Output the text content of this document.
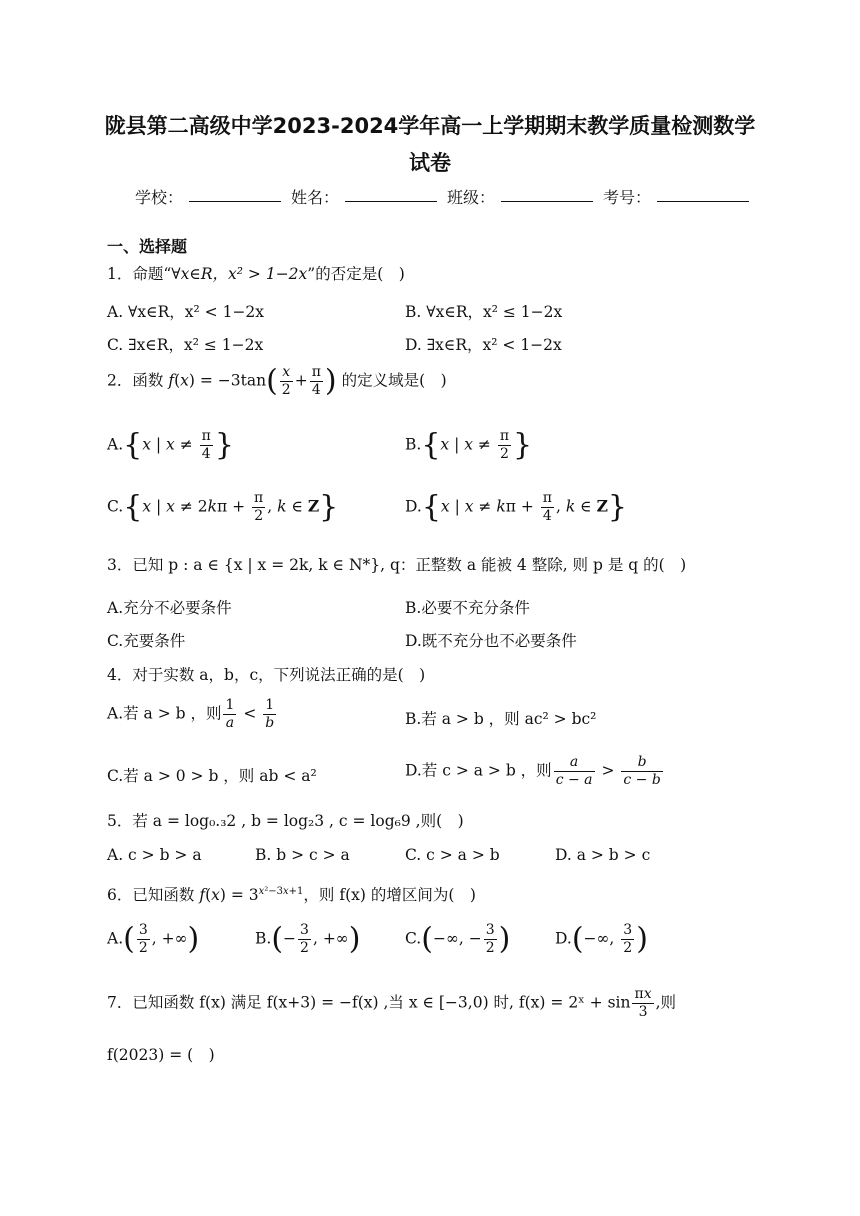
陇县第二高级中学2023-2024学年高一上学期期末教学质量检测数学
试卷
学校：	姓名：	班级：	考号：
一、选择题
1．命题“∀x∈R，x² > 1−2x”的否定是(　)
A. ∀x∈R，x² < 1−2x	B. ∀x∈R，x² ≤ 1−2x
C. ∃x∈R，x² ≤ 1−2x	D. ∃x∈R，x² < 1−2x
2．函数 $f(x) = -3\tan( \frac{x}{2} + \frac{\pi}{4}$ ) 的定义域是(　)
A.{x | $x \ne \frac{\pi}{4}$ }	B.{x | $x \ne \frac{\pi}{2}$ }
C.{x | $x \ne 2k\pi + \frac{\pi}{2}$ , k ∈ Z}	D.{x | $x \ne k\pi + \frac{\pi}{4}$ , k ∈ Z}
3．已知 p : a ∈ {x | x = 2k, k ∈ N*}, q：正整数 a 能被 4 整除, 则 p 是 q 的(　)
A.充分不必要条件	B.必要不充分条件
C.充要条件	D.既不充分也不必要条件
4．对于实数 a，b，c，下列说法正确的是(　)
A.若 a > b ，则 $\frac{1}{a} < \frac{1}{b}$	B.若 a > b ，则 ac² > bc²
C.若 a > 0 > b ，则 ab < a²	D.若 c > a > b ，则 $\frac{a}{c - a} > \frac{b}{c - b}$
5．若 a = log₀.₃2 , b = log₂3 , c = log₆9 ,则(　)
A. c > b > a	B. b > c > a	C. c > a > b	D. a > b > c
6．已知函数 $f(x) = 3^{x^2-3x+1}$，则 f(x) 的增区间为(　)
$A.( \frac{3}{2}$ , +∞)	$B.(- \frac{3}{2}$ , +∞)	C.(−∞, − $\frac{3}{2}$ )	D.(−∞, $\frac{3}{2}$ )
7．已知函数 f(x) 满足 f(x+3) = −f(x) ,当 x ∈ [−3,0) 时, f(x) = 2ˣ + $\sin \frac{\pi x}{3}$ ,则
f(2023) = (　)
